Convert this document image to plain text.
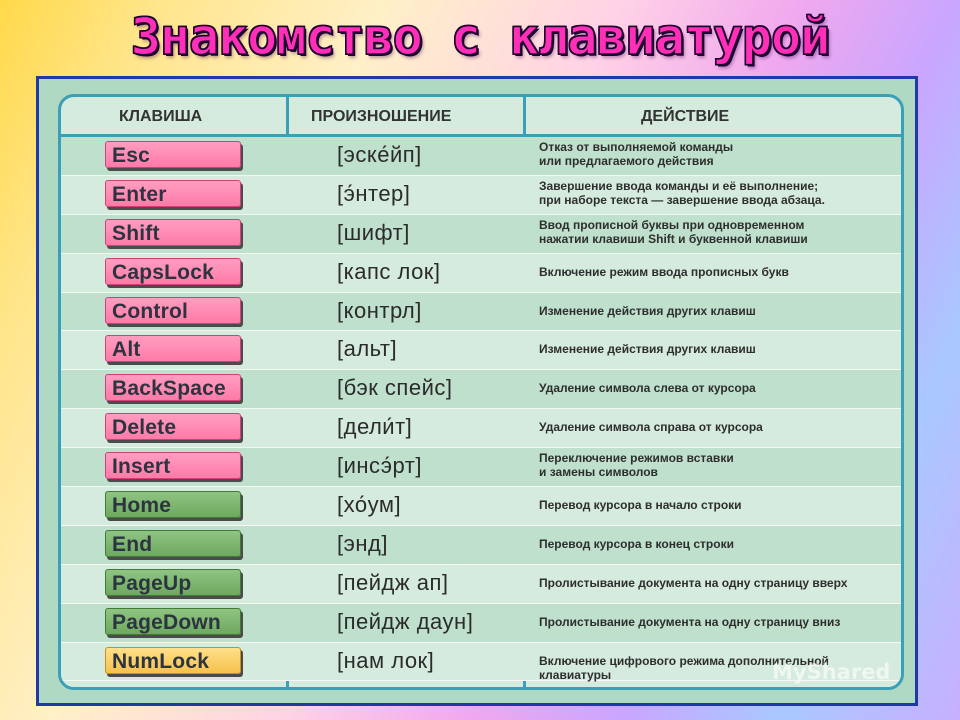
Знакомство с клавиатурой
КЛАВИША	ПРОИЗНОШЕНИЕ	ДЕЙСТВИЕ
Esc	[эске́йп]	Отказ от выполняемой команды
или предлагаемого действия
Enter	[э́нтер]	Завершение ввода команды и её выполнение;
при наборе текста — завершение ввода абзаца.
Shift	[шифт]	Ввод прописной буквы при одновременном
нажатии клавиши Shift и буквенной клавиши
CapsLock	[капс лок]	Включение режим ввода прописных букв
Control	[контрл]	Изменение действия других клавиш
Alt	[альт]	Изменение действия других клавиш
BackSpace	[бэк спейс]	Удаление символа слева от курсора
Delete	[дели́т]	Удаление символа справа от курсора
Insert	[инсэ́рт]	Переключение режимов вставки
и замены символов
Home	[хо́ум]	Перевод курсора в начало строки
End	[энд]	Перевод курсора в конец строки
PageUp	[пейдж ап]	Пролистывание документа на одну страницу вверх
PageDown	[пейдж даун]	Пролистывание документа на одну страницу вниз
NumLock	[нам лок]	Включение цифрового режима дополнительной клавиатуры	MyShared
